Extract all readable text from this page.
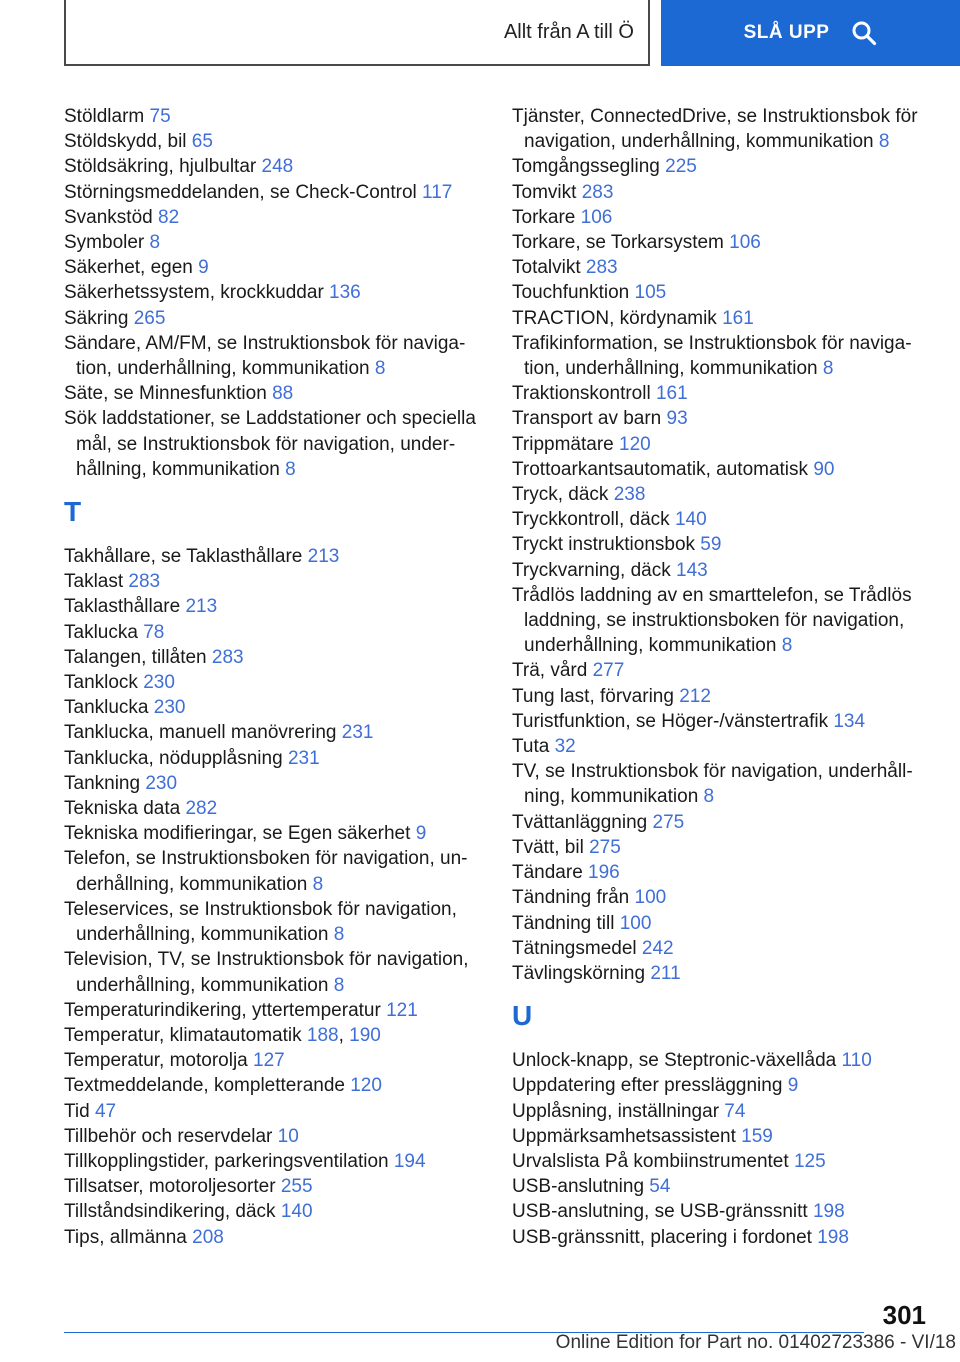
Allt från A till Ö	SLÅ UPP
Stöldlarm 75
Stöldskydd, bil 65
Stöldsäkring, hjulbultar 248
Störningsmeddelanden, se Check-Control 117
Svankstöd 82
Symboler 8
Säkerhet, egen 9
Säkerhetssystem, krockkuddar 136
Säkring 265
Sändare, AM/FM, se Instruktionsbok för navigation, underhållning, kommunikation 8
Säte, se Minnesfunktion 88
Sök laddstationer, se Laddstationer och speciella mål, se Instruktionsbok för navigation, underhållning, kommunikation 8
T
Takhållare, se Taklasthållare 213
Taklast 283
Taklasthållare 213
Taklucka 78
Talangen, tillåten 283
Tanklock 230
Tanklucka 230
Tanklucka, manuell manövrering 231
Tanklucka, nödupplåsning 231
Tankning 230
Tekniska data 282
Tekniska modifieringar, se Egen säkerhet 9
Telefon, se Instruktionsboken för navigation, underhållning, kommunikation 8
Teleservices, se Instruktionsbok för navigation, underhållning, kommunikation 8
Television, TV, se Instruktionsbok för navigation, underhållning, kommunikation 8
Temperaturindikering, yttertemperatur 121
Temperatur, klimatautomatik 188, 190
Temperatur, motorolja 127
Textmeddelande, kompletterande 120
Tid 47
Tillbehör och reservdelar 10
Tillkopplingstider, parkeringsventilation 194
Tillsatser, motoroljesorter 255
Tillståndsindikering, däck 140
Tips, allmänna 208
Tjänster, ConnectedDrive, se Instruktionsbok för navigation, underhållning, kommunikation 8
Tomgångssegling 225
Tomvikt 283
Torkare 106
Torkare, se Torkarsystem 106
Totalvikt 283
Touchfunktion 105
TRACTION, kördynamik 161
Trafikinformation, se Instruktionsbok för navigation, underhållning, kommunikation 8
Traktionskontroll 161
Transport av barn 93
Trippmätare 120
Trottoarkantsautomatik, automatisk 90
Tryck, däck 238
Tryckkontroll, däck 140
Tryckt instruktionsbok 59
Tryckvarning, däck 143
Trådlös laddning av en smarttelefon, se Trådlös laddning, se instruktionsboken för navigation, underhållning, kommunikation 8
Trä, vård 277
Tung last, förvaring 212
Turistfunktion, se Höger-/vänstertrafik 134
Tuta 32
TV, se Instruktionsbok för navigation, underhållning, kommunikation 8
Tvättanläggning 275
Tvätt, bil 275
Tändare 196
Tändning från 100
Tändning till 100
Tätningsmedel 242
Tävlingskörning 211
U
Unlock-knapp, se Steptronic-växellåda 110
Uppdatering efter pressläggning 9
Upplåsning, inställningar 74
Uppmärksamhetsassistent 159
Urvalslista På kombiinstrumentet 125
USB-anslutning 54
USB-anslutning, se USB-gränssnitt 198
USB-gränssnitt, placering i fordonet 198
301
Online Edition for Part no. 01402723386 - VI/18
